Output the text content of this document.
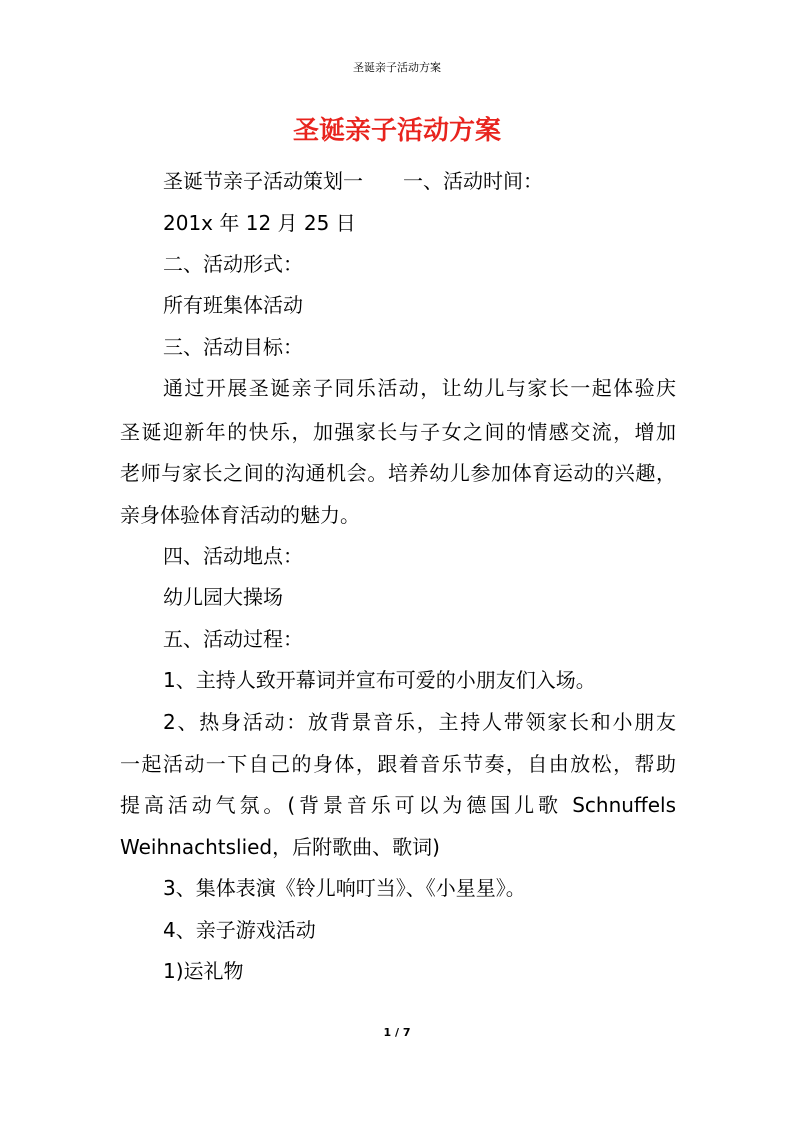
圣诞亲子活动方案
圣诞亲子活动方案
圣诞节亲子活动策划一　　一、活动时间：
201x 年 12 月 25 日
二、活动形式：
所有班集体活动
三、活动目标：
通过开展圣诞亲子同乐活动，让幼儿与家长一起体验庆
圣诞迎新年的快乐，加强家长与子女之间的情感交流，增加
老师与家长之间的沟通机会。培养幼儿参加体育运动的兴趣，
亲身体验体育活动的魅力。
四、活动地点：
幼儿园大操场
五、活动过程：
1、主持人致开幕词并宣布可爱的小朋友们入场。
2、热身活动：放背景音乐，主持人带领家长和小朋友
一起活动一下自己的身体，跟着音乐节奏，自由放松，帮助
提高活动气氛。(背景音乐可以为德国儿歌 Schnuffels
Weihnachtslied，后附歌曲、歌词)
3、集体表演《铃儿响叮当》、《小星星》。
4、亲子游戏活动
1)运礼物
1 / 7
